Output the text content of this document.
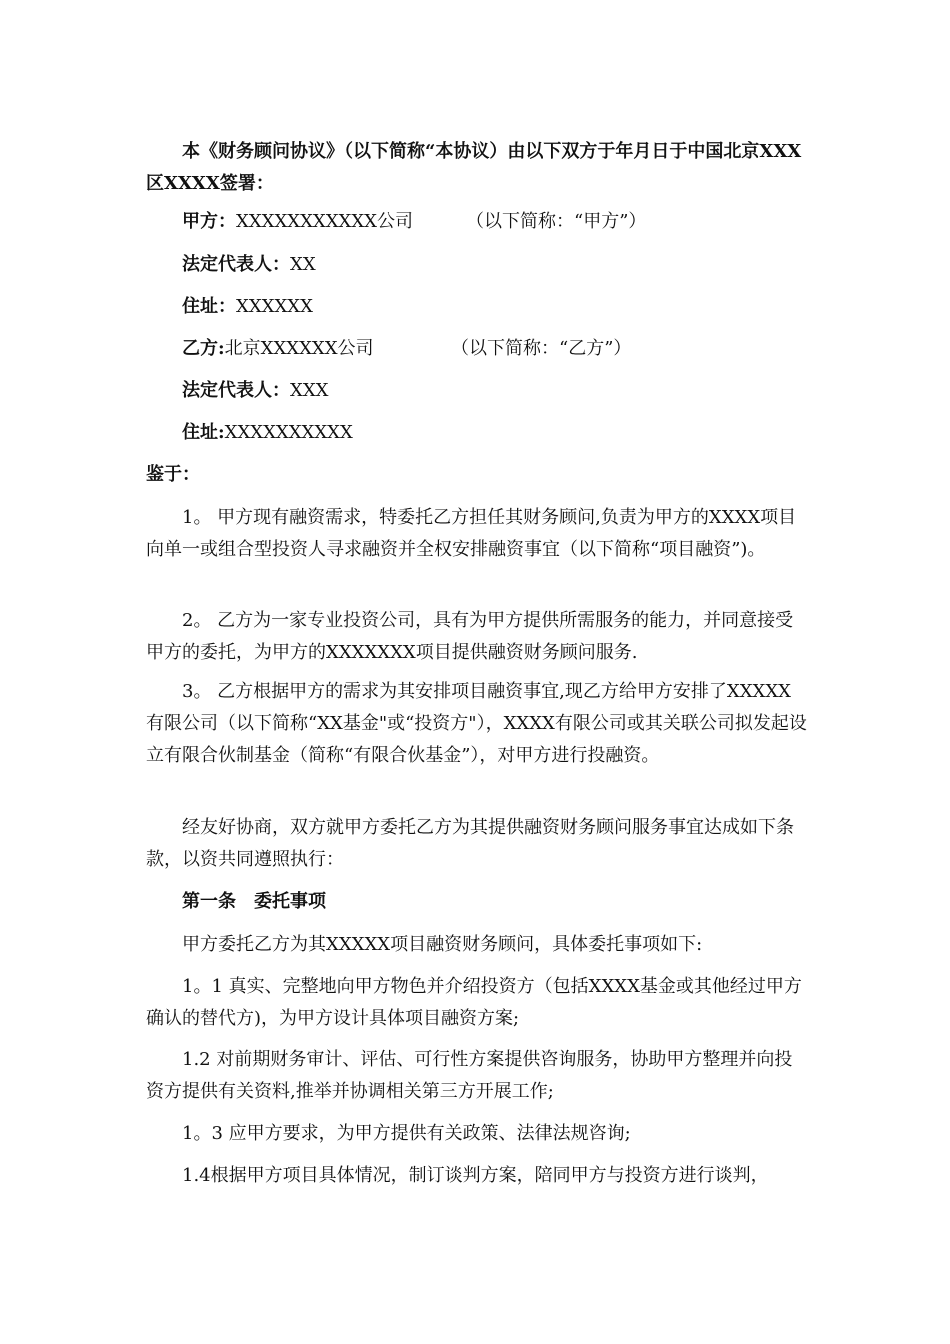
本《财务顾问协议》（以下简称“本协议）由以下双方于年月日于中国北京XXX区XXXX签署：

甲方：XXXXXXXXXXX公司	（以下简称：“甲方”）
法定代表人：XX
住址：XXXXXX
乙方:北京XXXXXX公司	（以下简称：“乙方”）
法定代表人：XXX
住址:XXXXXXXXXX
鉴于：

1。 甲方现有融资需求，特委托乙方担任其财务顾问,负责为甲方的XXXX项目向单一或组合型投资人寻求融资并全权安排融资事宜（以下简称“项目融资”)。

2。 乙方为一家专业投资公司，具有为甲方提供所需服务的能力，并同意接受甲方的委托，为甲方的XXXXXXX项目提供融资财务顾问服务.

3。 乙方根据甲方的需求为其安排项目融资事宜,现乙方给甲方安排了XXXXX有限公司（以下简称“XX基金"或“投资方"），XXXX有限公司或其关联公司拟发起设立有限合伙制基金（简称“有限合伙基金”），对甲方进行投融资。

经友好协商，双方就甲方委托乙方为其提供融资财务顾问服务事宜达成如下条款，以资共同遵照执行：

第一条　委托事项

甲方委托乙方为其XXXXX项目融资财务顾问，具体委托事项如下:

1。1 真实、完整地向甲方物色并介绍投资方（包括XXXX基金或其他经过甲方确认的替代方)，为甲方设计具体项目融资方案;

1.2 对前期财务审计、评估、可行性方案提供咨询服务，协助甲方整理并向投资方提供有关资料,推举并协调相关第三方开展工作;

1。3 应甲方要求，为甲方提供有关政策、法律法规咨询;

1.4根据甲方项目具体情况，制订谈判方案，陪同甲方与投资方进行谈判，
